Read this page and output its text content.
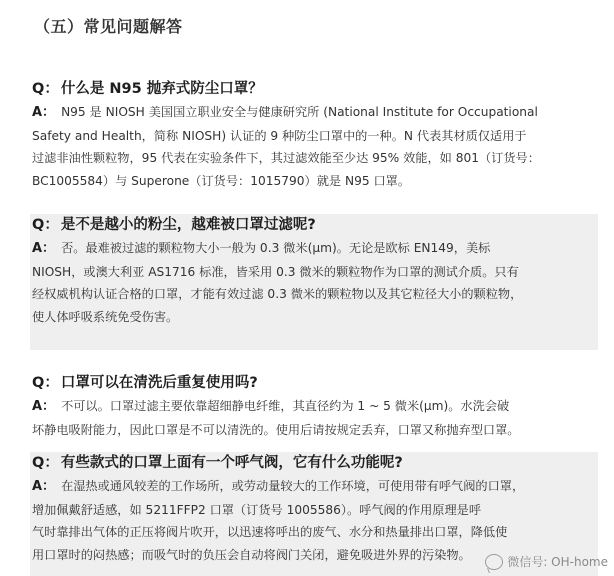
（五）常见问题解答
Q： 什么是 N95 抛弃式防尘口罩？
A： N95 是 NIOSH 美国国立职业安全与健康研究所 (National Institute for Occupational
Safety and Health，简称 NIOSH) 认证的 9 种防尘口罩中的一种。N 代表其材质仅适用于
过滤非油性颗粒物，95 代表在实验条件下，其过滤效能至少达 95% 效能，如 801（订货号：
BC1005584）与 Superone（订货号：1015790）就是 N95 口罩。
Q： 是不是越小的粉尘，越难被口罩过滤呢?
A： 否。最难被过滤的颗粒物大小一般为 0.3 微米(μm)。无论是欧标 EN149，美标
NIOSH，或澳大利亚 AS1716 标准，皆采用 0.3 微米的颗粒物作为口罩的测试介质。只有
经权威机构认证合格的口罩，才能有效过滤 0.3 微米的颗粒物以及其它粒径大小的颗粒物，
使人体呼吸系统免受伤害。
Q： 口罩可以在清洗后重复使用吗?
A： 不可以。口罩过滤主要依靠超细静电纤维，其直径约为 1 ~ 5 微米(μm)。水洗会破
坏静电吸附能力，因此口罩是不可以清洗的。使用后请按规定丢弃，口罩又称抛弃型口罩。
Q： 有些款式的口罩上面有一个呼气阀，它有什么功能呢?
A： 在湿热或通风较差的工作场所，或劳动量较大的工作环境，可使用带有呼气阀的口罩，
增加佩戴舒适感，如 5211FFP2 口罩（订货号 1005586）。呼气阀的作用原理是呼
气时靠排出气体的正压将阀片吹开，以迅速将呼出的废气、水分和热量排出口罩，降低使
用口罩时的闷热感；而吸气时的负压会自动将阀门关闭，避免吸进外界的污染物。
微信号: OH-home
